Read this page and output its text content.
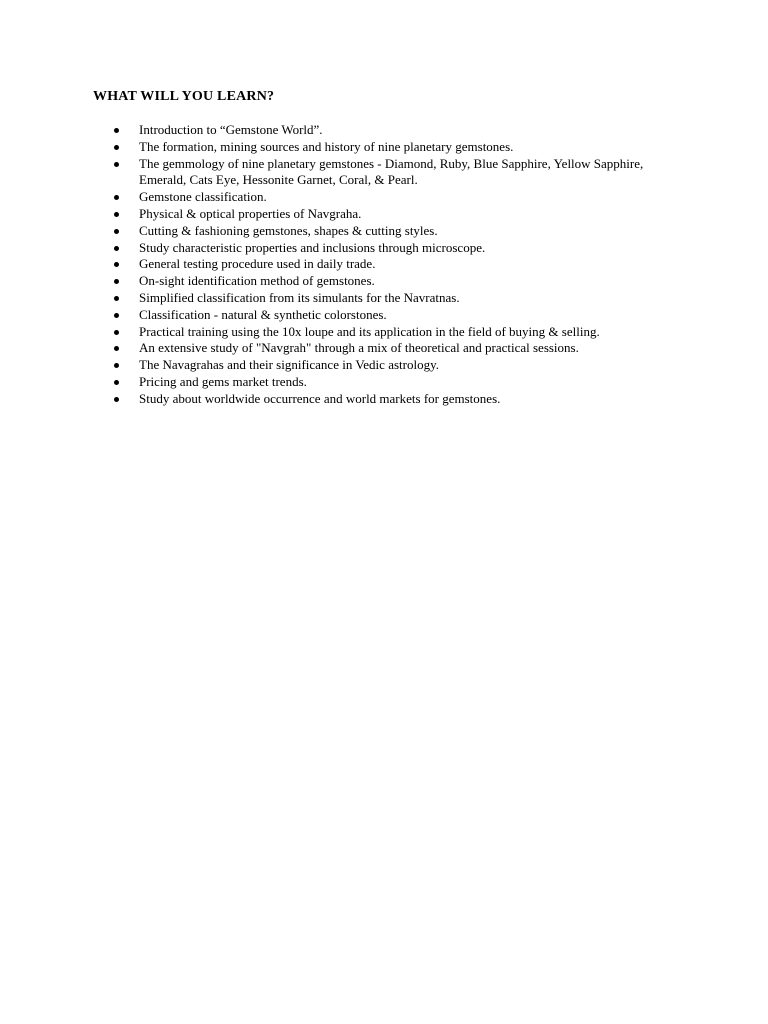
WHAT WILL YOU LEARN?
Introduction to “Gemstone World”.
The formation, mining sources and history of nine planetary gemstones.
The gemmology of nine planetary gemstones - Diamond, Ruby, Blue Sapphire, Yellow Sapphire, Emerald, Cats Eye, Hessonite Garnet, Coral, & Pearl.
Gemstone classification.
Physical & optical properties of Navgraha.
Cutting & fashioning gemstones, shapes & cutting styles.
Study characteristic properties and inclusions through microscope.
General testing procedure used in daily trade.
On-sight identification method of gemstones.
Simplified classification from its simulants for the Navratnas.
Classification - natural & synthetic colorstones.
Practical training using the 10x loupe and its application in the field of buying & selling.
An extensive study of "Navgrah" through a mix of theoretical and practical sessions.
The Navagrahas and their significance in Vedic astrology.
Pricing and gems market trends.
Study about worldwide occurrence and world markets for gemstones.
